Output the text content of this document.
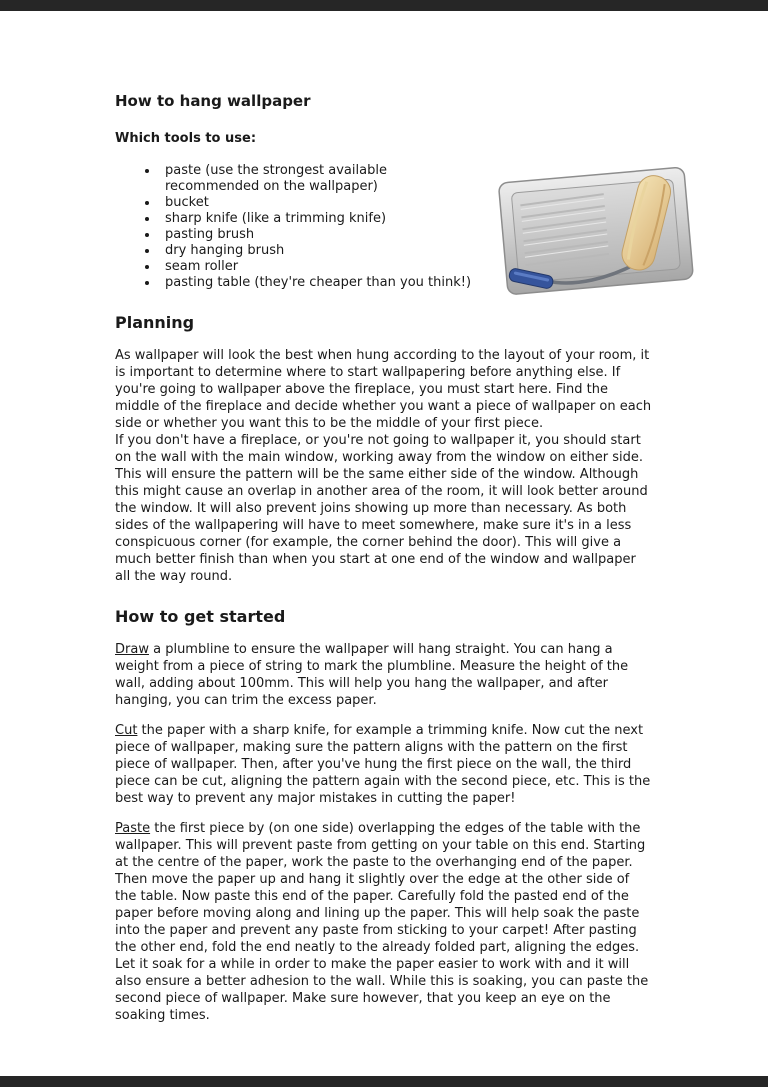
How to hang wallpaper
Which tools to use:
• paste (use the strongest available recommended on the wallpaper)
• bucket
• sharp knife (like a trimming knife)
• pasting brush
• dry hanging brush
• seam roller
• pasting table (they're cheaper than you think!)
Planning

As wallpaper will look the best when hung according to the layout of your room, it is important to determine where to start wallpapering before anything else. If you're going to wallpaper above the fireplace, you must start here. Find the middle of the fireplace and decide whether you want a piece of wallpaper on each side or whether you want this to be the middle of your first piece.

If you don't have a fireplace, or you're not going to wallpaper it, you should start on the wall with the main window, working away from the window on either side. This will ensure the pattern will be the same either side of the window. Although this might cause an overlap in another area of the room, it will look better around the window. It will also prevent joins showing up more than necessary. As both sides of the wallpapering will have to meet somewhere, make sure it's in a less conspicuous corner (for example, the corner behind the door). This will give a much better finish than when you start at one end of the window and wallpaper all the way round.

How to get started

Draw a plumbline to ensure the wallpaper will hang straight. You can hang a weight from a piece of string to mark the plumbline. Measure the height of the wall, adding about 100mm. This will help you hang the wallpaper, and after hanging, you can trim the excess paper.

Cut the paper with a sharp knife, for example a trimming knife. Now cut the next piece of wallpaper, making sure the pattern aligns with the pattern on the first piece of wallpaper. Then, after you've hung the first piece on the wall, the third piece can be cut, aligning the pattern again with the second piece, etc. This is the best way to prevent any major mistakes in cutting the paper!

Paste the first piece by (on one side) overlapping the edges of the table with the wallpaper. This will prevent paste from getting on your table on this end. Starting at the centre of the paper, work the paste to the overhanging end of the paper. Then move the paper up and hang it slightly over the edge at the other side of the table. Now paste this end of the paper. Carefully fold the pasted end of the paper before moving along and lining up the paper. This will help soak the paste into the paper and prevent any paste from sticking to your carpet! After pasting the other end, fold the end neatly to the already folded part, aligning the edges. Let it soak for a while in order to make the paper easier to work with and it will also ensure a better adhesion to the wall. While this is soaking, you can paste the second piece of wallpaper. Make sure however, that you keep an eye on the soaking times.
